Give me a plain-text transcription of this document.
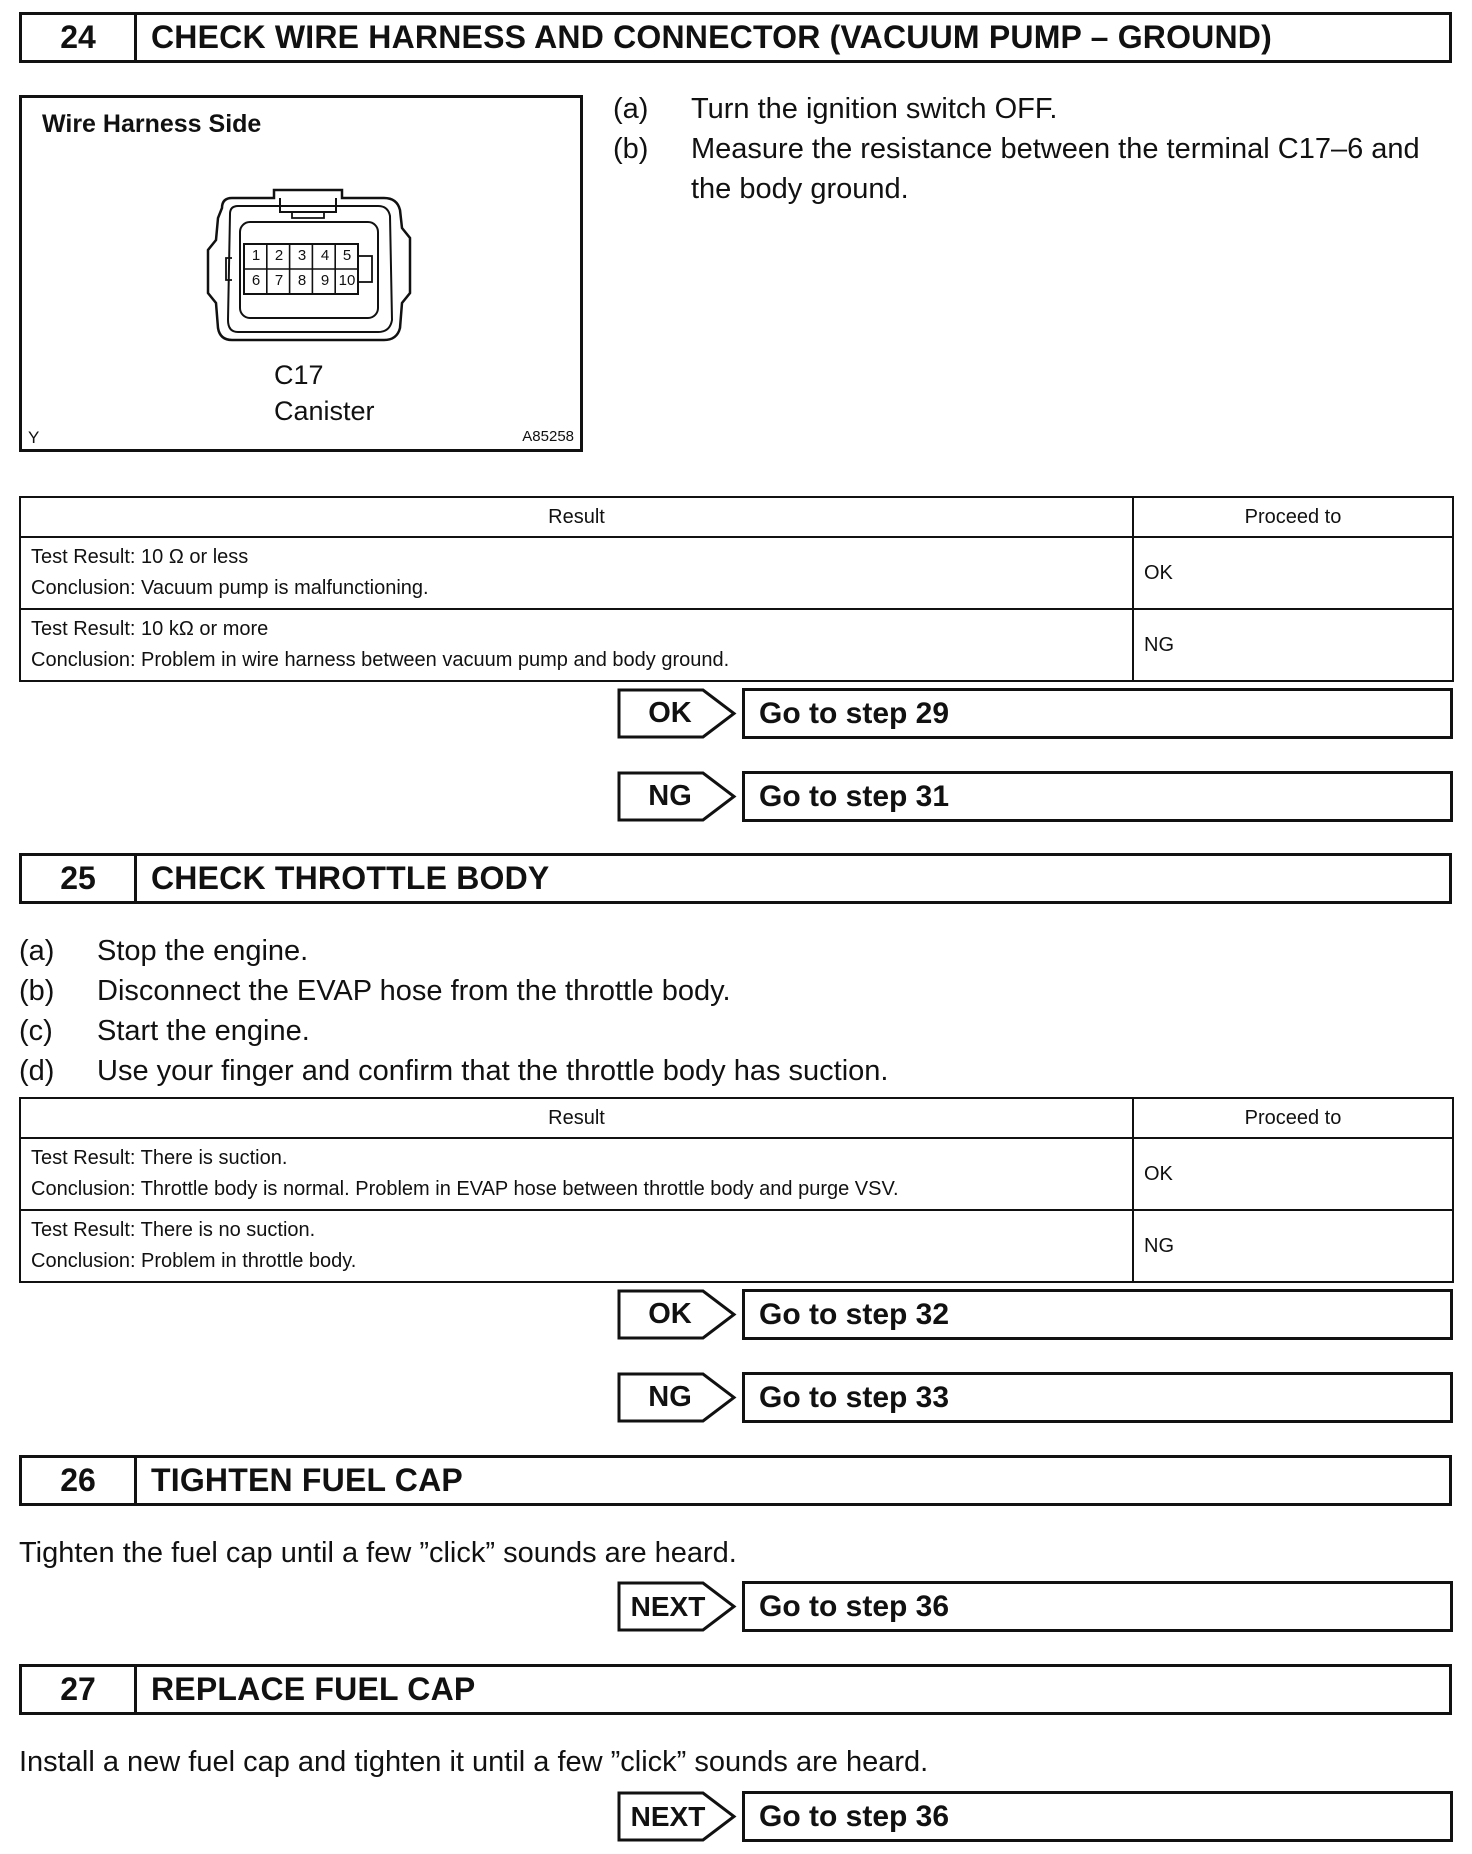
24	CHECK WIRE HARNESS AND CONNECTOR (VACUUM PUMP – GROUND)
Wire Harness Side
1 2 3 4 5
6 7 8 9 10
C17
Canister
Y	A85258
(a)	Turn the ignition switch OFF.
(b)	Measure the resistance between the terminal C17–6 and the body ground.
Result	Proceed to

Test Result: 10 Ω or less
Conclusion: Vacuum pump is malfunctioning.	OK

Test Result: 10 kΩ or more
Conclusion: Problem in wire harness between vacuum pump and body ground.	NG
OK	Go to step 29
NG	Go to step 31
25	CHECK THROTTLE BODY
(a)	Stop the engine.
(b)	Disconnect the EVAP hose from the throttle body.
(c)	Start the engine.
(d)	Use your finger and confirm that the throttle body has suction.
Result	Proceed to

Test Result: There is suction.
Conclusion: Throttle body is normal. Problem in EVAP hose between throttle body and purge VSV.	OK

Test Result: There is no suction.
Conclusion: Problem in throttle body.	NG
OK	Go to step 32
NG	Go to step 33
26	TIGHTEN FUEL CAP
Tighten the fuel cap until a few ”click” sounds are heard.
NEXT	Go to step 36
27	REPLACE FUEL CAP
Install a new fuel cap and tighten it until a few ”click” sounds are heard.
NEXT	Go to step 36
